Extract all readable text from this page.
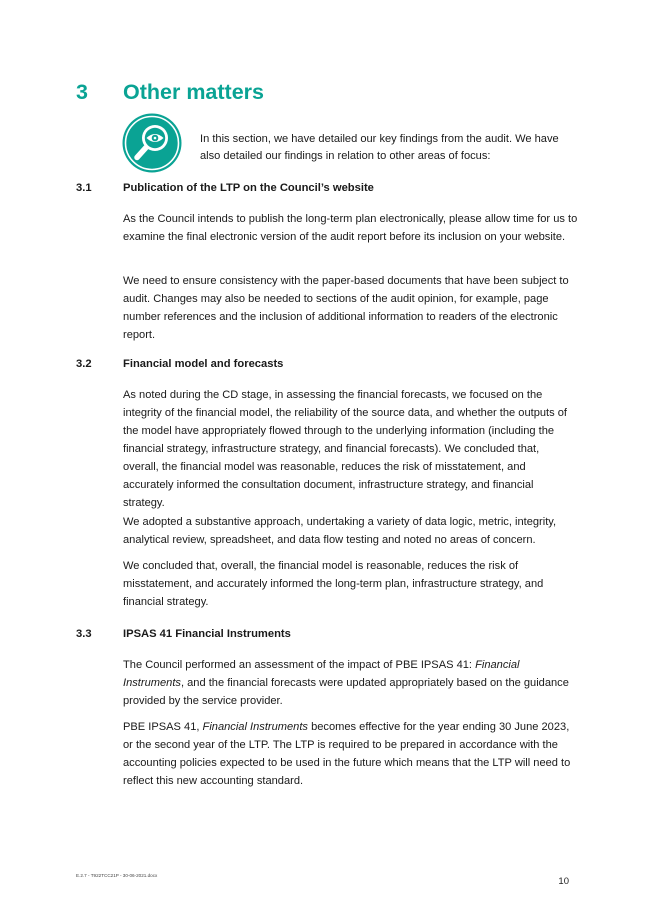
3	Other matters

In this section, we have detailed our key findings from the audit. We have also detailed our findings in relation to other areas of focus:

3.1	Publication of the LTP on the Council’s website

As the Council intends to publish the long-term plan electronically, please allow time for us to examine the final electronic version of the audit report before its inclusion on your website.

We need to ensure consistency with the paper-based documents that have been subject to audit. Changes may also be needed to sections of the audit opinion, for example, page number references and the inclusion of additional information to readers of the electronic report.

3.2	Financial model and forecasts

As noted during the CD stage, in assessing the financial forecasts, we focused on the integrity of the financial model, the reliability of the source data, and whether the outputs of the model have appropriately flowed through to the underlying information (including the financial strategy, infrastructure strategy, and financial forecasts). We concluded that, overall, the financial model was reasonable, reduces the risk of misstatement, and accurately informed the consultation document, infrastructure strategy, and financial strategy.

We adopted a substantive approach, undertaking a variety of data logic, metric, integrity, analytical review, spreadsheet, and data flow testing and noted no areas of concern.

We concluded that, overall, the financial model is reasonable, reduces the risk of misstatement, and accurately informed the long-term plan, infrastructure strategy, and financial strategy.

3.3	IPSAS 41 Financial Instruments

The Council performed an assessment of the impact of PBE IPSAS 41: Financial Instruments, and the financial forecasts were updated appropriately based on the guidance provided by the service provider.

PBE IPSAS 41, Financial Instruments becomes effective for the year ending 30 June 2023, or the second year of the LTP. The LTP is required to be prepared in accordance with the accounting policies expected to be used in the future which means that the LTP will need to reflect this new accounting standard.

E.2.7 - T922TCC21P - 30-06-2021.docx
10
